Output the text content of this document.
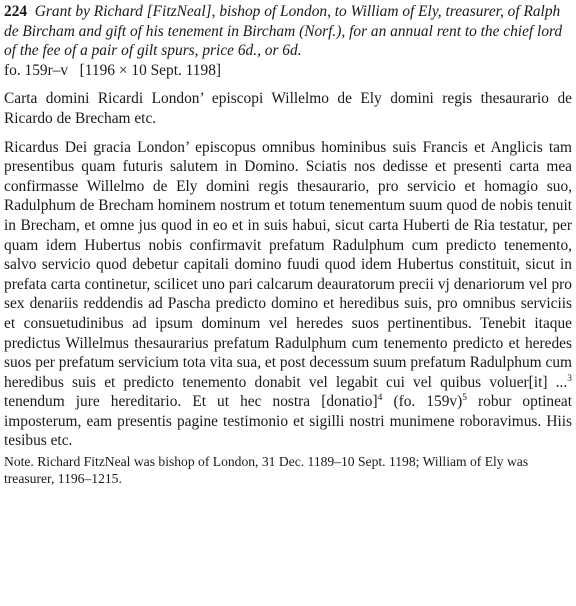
224 Grant by Richard [FitzNeal], bishop of London, to William of Ely, treasurer, of Ralph de Bircham and gift of his tenement in Bircham (Norf.), for an annual rent to the chief lord of the fee of a pair of gilt spurs, price 6d., or 6d.

fo. 159r–v [1196 × 10 Sept. 1198]

Carta domini Ricardi London’ episcopi Willelmo de Ely domini regis thesaurario de Ricardo de Brecham etc.

Ricardus Dei gracia London’ episcopus omnibus hominibus suis Francis et Anglicis tam presentibus quam futuris salutem in Domino. Sciatis nos dedisse et presenti carta mea confirmasse Willelmo de Ely domini regis thesaurario, pro servicio et homagio suo, Radulphum de Brecham hominem nostrum et totum tenementum suum quod de nobis tenuit in Brecham, et omne jus quod in eo et in suis habui, sicut carta Huberti de Ria testatur, per quam idem Hubertus nobis confirmavit prefatum Radulphum cum predicto tenemento, salvo servicio quod debetur capitali domino fuudi quod idem Hubertus constituit, sicut in prefata carta continetur, scilicet uno pari calcarum deauratorum precii vj denariorum vel pro sex denariis reddendis ad Pascha predicto domino et heredibus suis, pro omnibus serviciis et consuetudinibus ad ipsum dominum vel heredes suos pertinentibus. Tenebit itaque predictus Willelmus thesaurarius prefatum Radulphum cum tenemento predicto et heredes suos per prefatum servicium tota vita sua, et post decessum suum prefatum Radulphum cum heredibus suis et predicto tenemento donabit vel legabit cui vel quibus voluer[it] ...$^3$ tenendum jure hereditario. Et ut hec nostra [donatio]$^4$ (fo. 159v)$^5$ robur optineat imposterum, eam presentis pagine testimonio et sigilli nostri munimene roboravimus. Hiis tesibus etc.

Note. Richard FitzNeal was bishop of London, 31 Dec. 1189–10 Sept. 1198; William of Ely was treasurer, 1196–1215.
